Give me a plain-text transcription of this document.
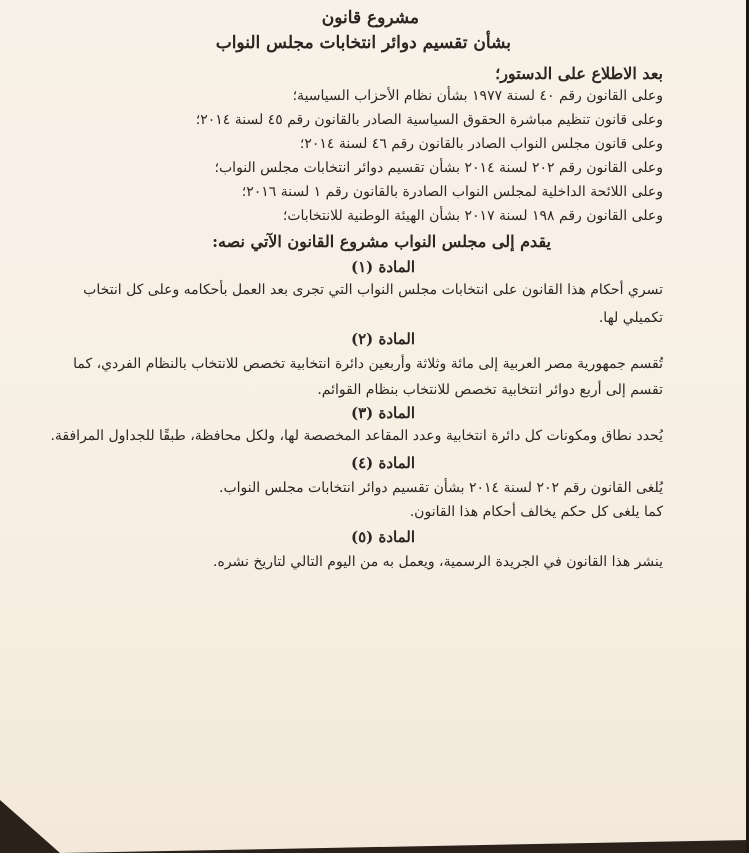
مشروع قانون
بشأن تقسيم دوائر انتخابات مجلس النواب
بعد الاطلاع على الدستور؛
وعلى القانون رقم ٤٠ لسنة ١٩٧٧ بشأن نظام الأحزاب السياسية؛
وعلى قانون تنظيم مباشرة الحقوق السياسية الصادر بالقانون رقم ٤٥ لسنة ٢٠١٤؛
وعلى قانون مجلس النواب الصادر بالقانون رقم ٤٦ لسنة ٢٠١٤؛
وعلى القانون رقم ٢٠٢ لسنة ٢٠١٤ بشأن تقسيم دوائر انتخابات مجلس النواب؛
وعلى اللائحة الداخلية لمجلس النواب الصادرة بالقانون رقم ١ لسنة ٢٠١٦؛
وعلى القانون رقم ١٩٨ لسنة ٢٠١٧ بشأن الهيئة الوطنية للانتخابات؛
يقدم إلى مجلس النواب مشروع القانون الآتي نصه:
المادة (١)
تسري أحكام هذا القانون على انتخابات مجلس النواب التي تجرى بعد العمل بأحكامه وعلى كل انتخاب
تكميلي لها.
المادة (٢)
تُقسم جمهورية مصر العربية إلى مائة وثلاثة وأربعين دائرة انتخابية تخصص للانتخاب بالنظام الفردي، كما
تقسم إلى أربع دوائر انتخابية تخصص للانتخاب بنظام القوائم.
المادة (٣)
يُحدد نطاق ومكونات كل دائرة انتخابية وعدد المقاعد المخصصة لها، ولكل محافظة، طبقًا للجداول المرافقة.
المادة (٤)
يُلغى القانون رقم ٢٠٢ لسنة ٢٠١٤ بشأن تقسيم دوائر انتخابات مجلس النواب.
كما يلغى كل حكم يخالف أحكام هذا القانون.
المادة (٥)
ينشر هذا القانون في الجريدة الرسمية، ويعمل به من اليوم التالي لتاريخ نشره.
